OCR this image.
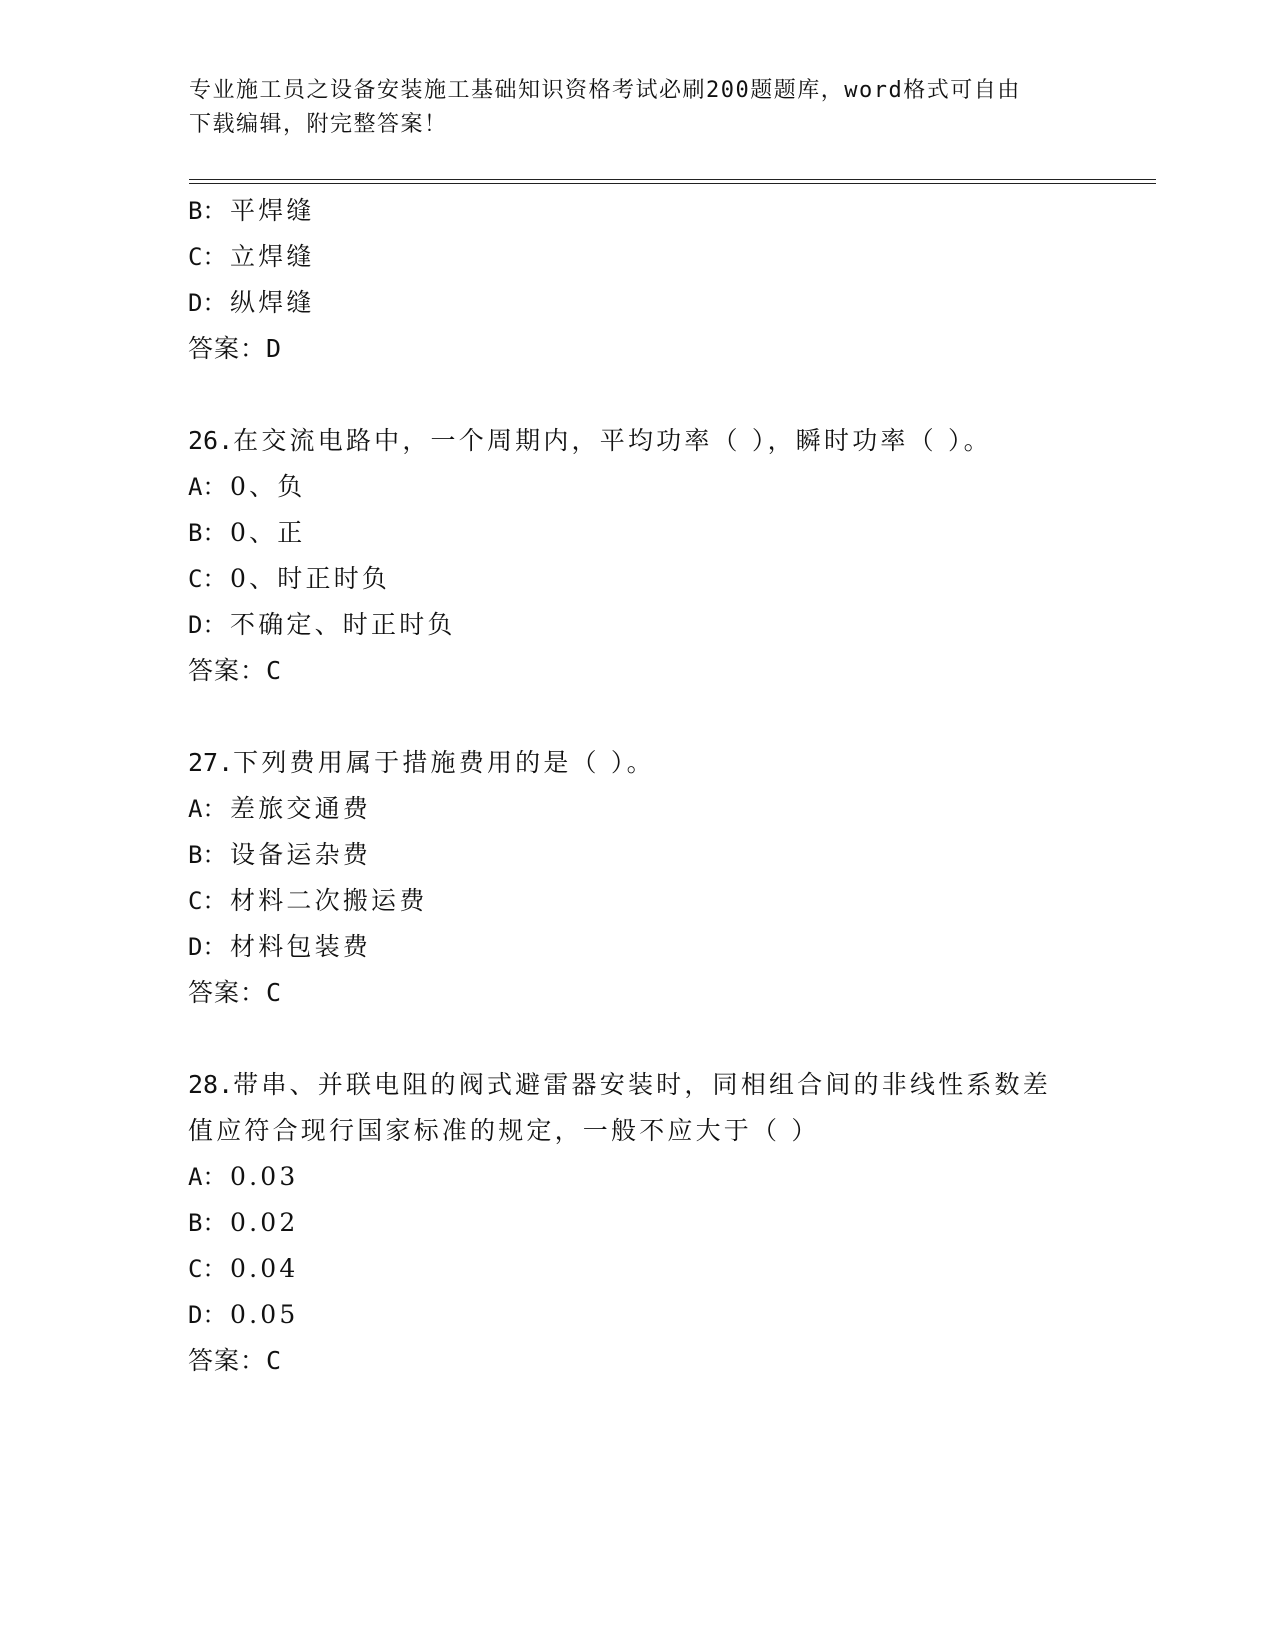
专业施工员之设备安装施工基础知识资格考试必刷200题题库，word格式可自由
下载编辑，附完整答案！
B： 平焊缝
C： 立焊缝
D： 纵焊缝
答案：D
26.在交流电路中，一个周期内，平均功率（ ），瞬时功率（ ）。
A： 0、负
B： 0、正
C： 0、时正时负
D： 不确定、时正时负
答案：C
27.下列费用属于措施费用的是（ ）。
A： 差旅交通费
B： 设备运杂费
C： 材料二次搬运费
D： 材料包装费
答案：C
28.带串、并联电阻的阀式避雷器安装时，同相组合间的非线性系数差
值应符合现行国家标准的规定，一般不应大于（ ）
A： 0.03
B： 0.02
C： 0.04
D： 0.05
答案：C
